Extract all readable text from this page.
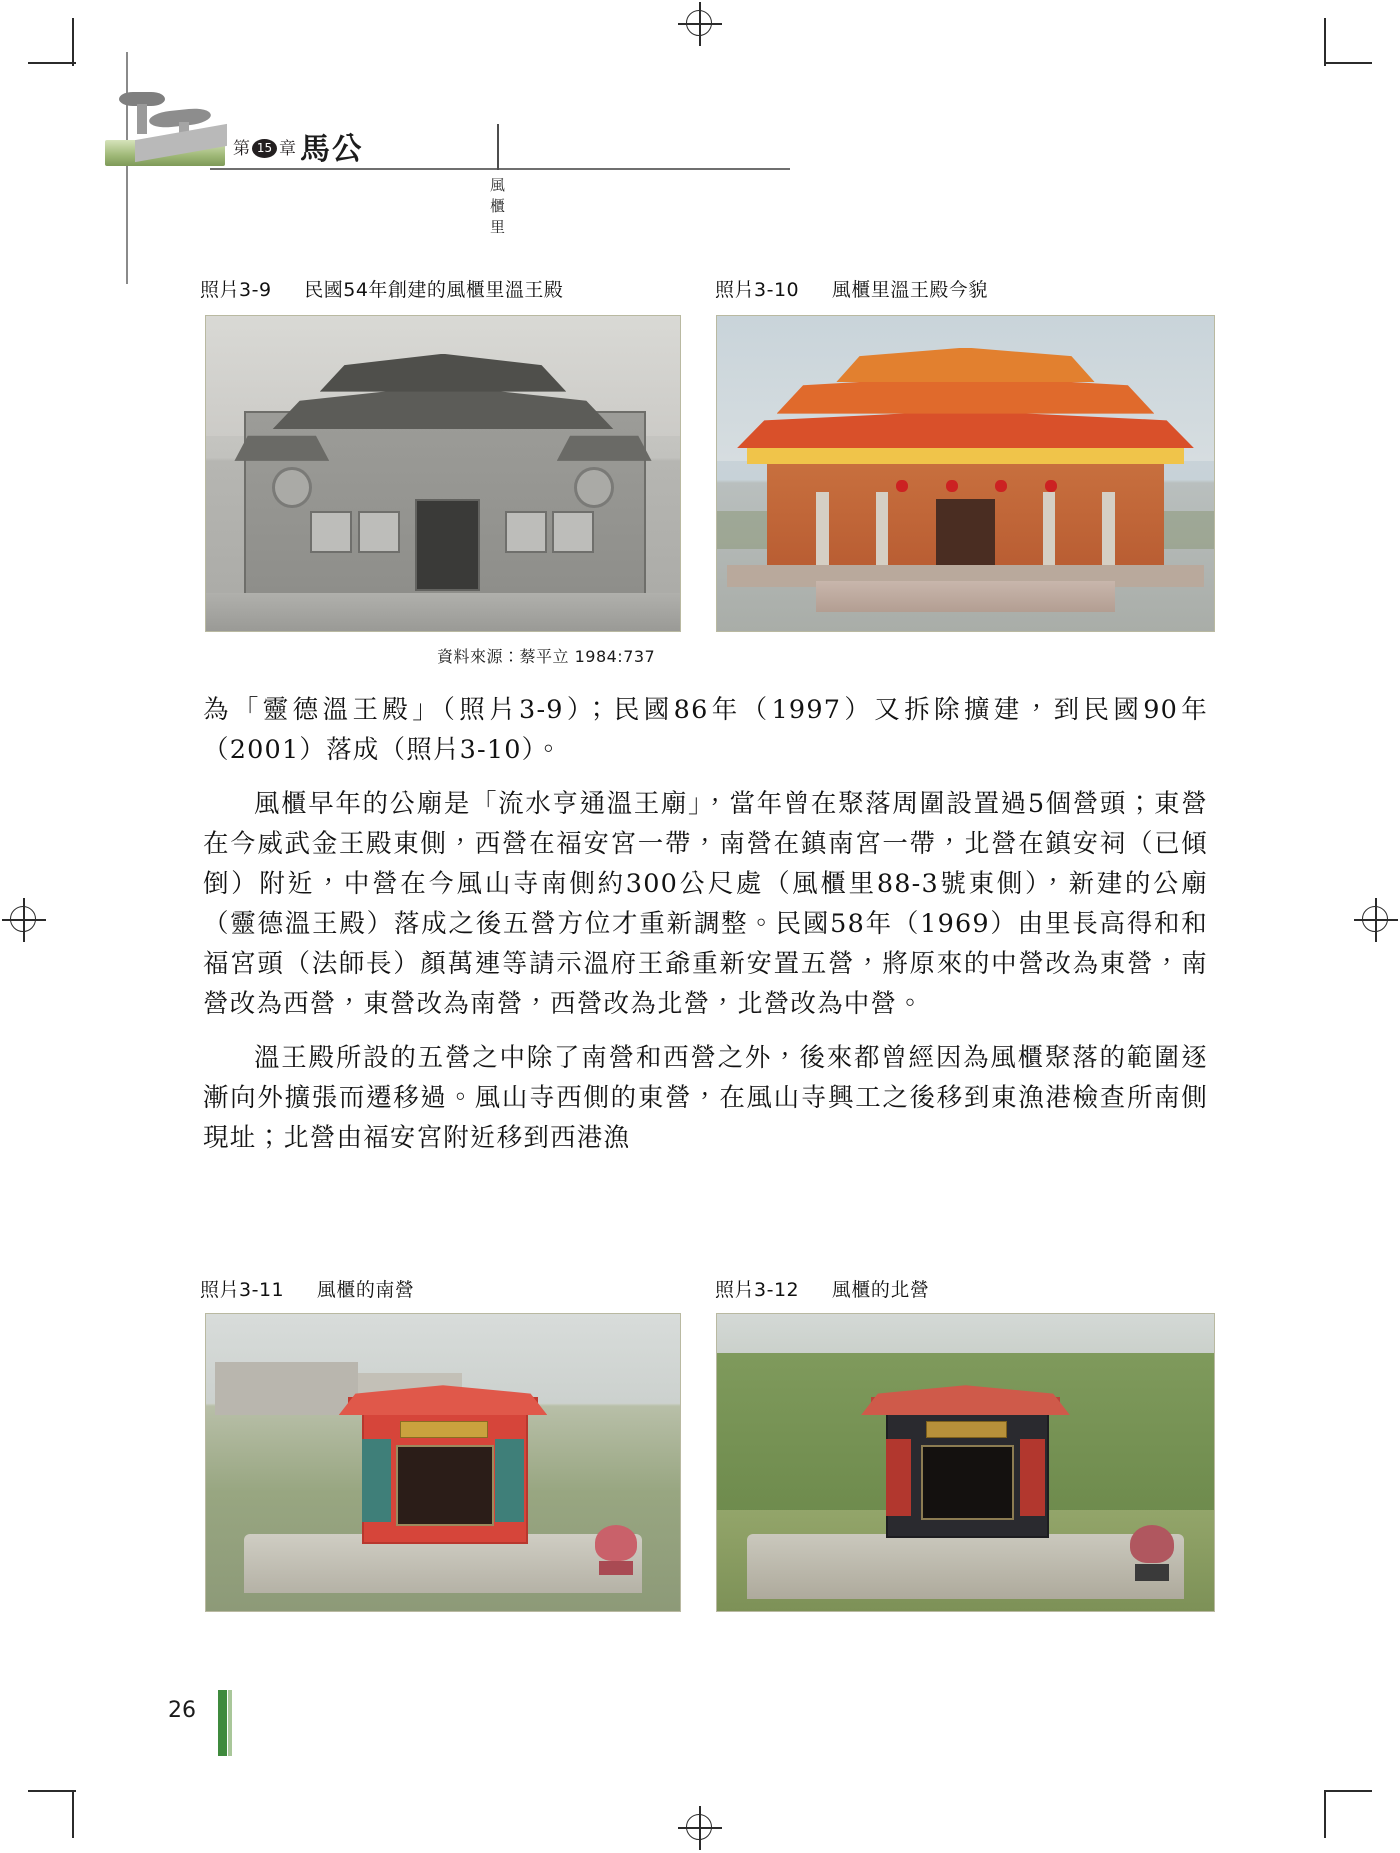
第 15 章 馬公
風櫃里
照片3-9 民國54年創建的風櫃里溫王殿	照片3-10 風櫃里溫王殿今貌
資料來源：蔡平立 1984:737

為「靈德溫王殿」（照片3-9）；民國86年（1997）又拆除擴建，到民國90年（2001）落成（照片3-10）。

風櫃早年的公廟是「流水亨通溫王廟」，當年曾在聚落周圍設置過5個營頭；東營在今威武金王殿東側，西營在福安宮一帶，南營在鎮南宮一帶，北營在鎮安祠（已傾倒）附近，中營在今風山寺南側約300公尺處（風櫃里88-3號東側），新建的公廟（靈德溫王殿）落成之後五營方位才重新調整。民國58年（1969）由里長高得和和福宮頭（法師長）顏萬連等請示溫府王爺重新安置五營，將原來的中營改為東營，南營改為西營，東營改為南營，西營改為北營，北營改為中營。

溫王殿所設的五營之中除了南營和西營之外，後來都曾經因為風櫃聚落的範圍逐漸向外擴張而遷移過。風山寺西側的東營，在風山寺興工之後移到東漁港檢查所南側現址；北營由福安宮附近移到西港漁

照片3-11 風櫃的南營	照片3-12 風櫃的北營
26
